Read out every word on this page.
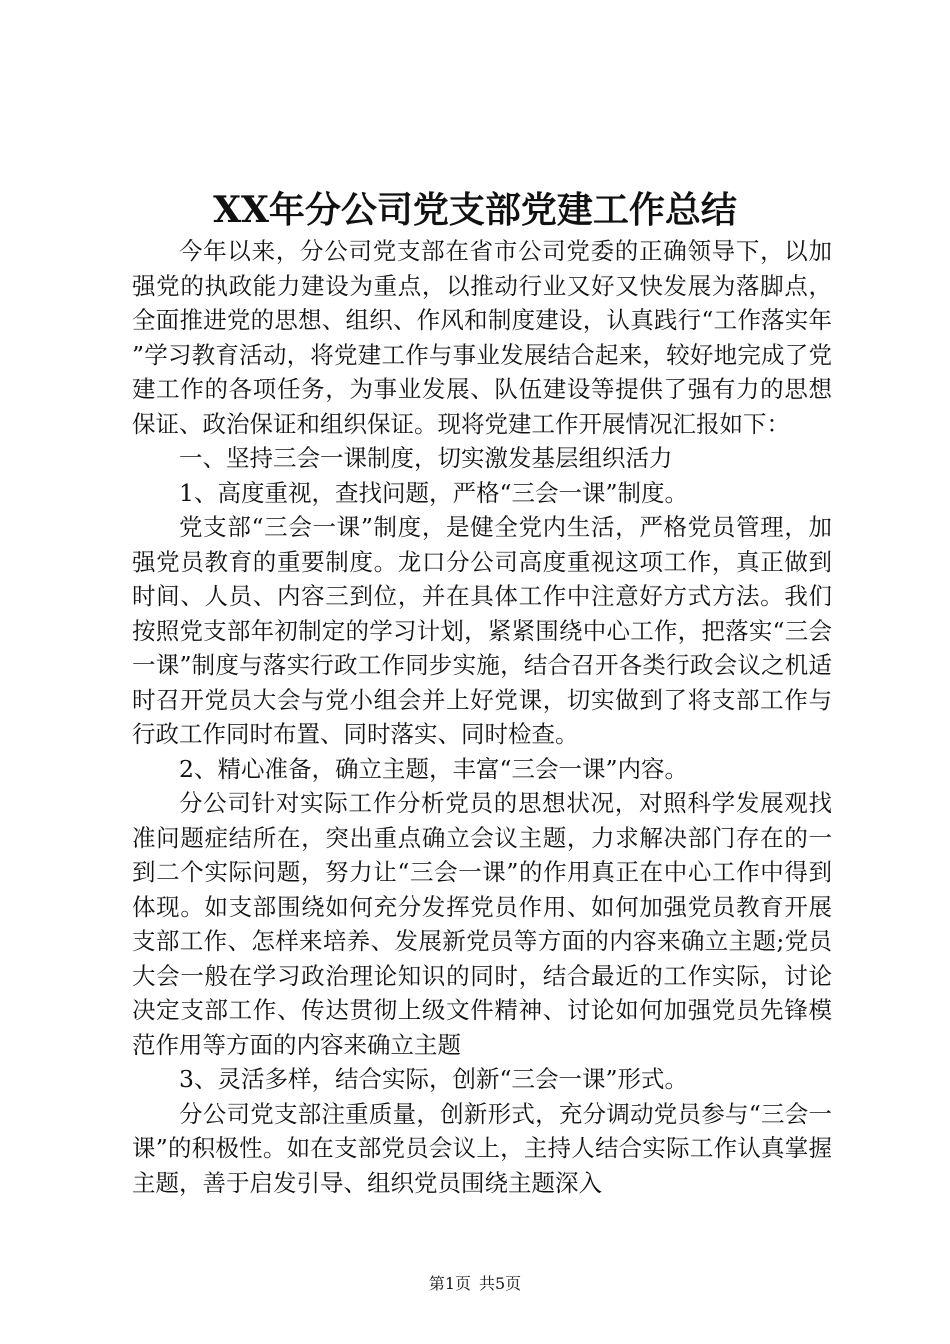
XX年分公司党支部党建工作总结

今年以来，分公司党支部在省市公司党委的正确领导下，以加强党的执政能力建设为重点，以推动行业又好又快发展为落脚点，全面推进党的思想、组织、作风和制度建设，认真践行“工作落实年”学习教育活动，将党建工作与事业发展结合起来，较好地完成了党建工作的各项任务，为事业发展、队伍建设等提供了强有力的思想保证、政治保证和组织保证。现将党建工作开展情况汇报如下：

一、坚持三会一课制度，切实激发基层组织活力

1、高度重视，查找问题，严格“三会一课”制度。

党支部“三会一课”制度，是健全党内生活，严格党员管理，加强党员教育的重要制度。龙口分公司高度重视这项工作，真正做到时间、人员、内容三到位，并在具体工作中注意好方式方法。我们按照党支部年初制定的学习计划，紧紧围绕中心工作，把落实“三会一课”制度与落实行政工作同步实施，结合召开各类行政会议之机适时召开党员大会与党小组会并上好党课，切实做到了将支部工作与行政工作同时布置、同时落实、同时检查。

2、精心准备，确立主题，丰富“三会一课”内容。

分公司针对实际工作分析党员的思想状况，对照科学发展观找准问题症结所在，突出重点确立会议主题，力求解决部门存在的一到二个实际问题，努力让“三会一课”的作用真正在中心工作中得到体现。如支部围绕如何充分发挥党员作用、如何加强党员教育开展支部工作、怎样来培养、发展新党员等方面的内容来确立主题;党员大会一般在学习政治理论知识的同时，结合最近的工作实际，讨论决定支部工作、传达贯彻上级文件精神、讨论如何加强党员先锋模范作用等方面的内容来确立主题

3、灵活多样，结合实际，创新“三会一课”形式。

分公司党支部注重质量，创新形式，充分调动党员参与“三会一课”的积极性。如在支部党员会议上，主持人结合实际工作认真掌握主题，善于启发引导、组织党员围绕主题深入

第1页 共5页
